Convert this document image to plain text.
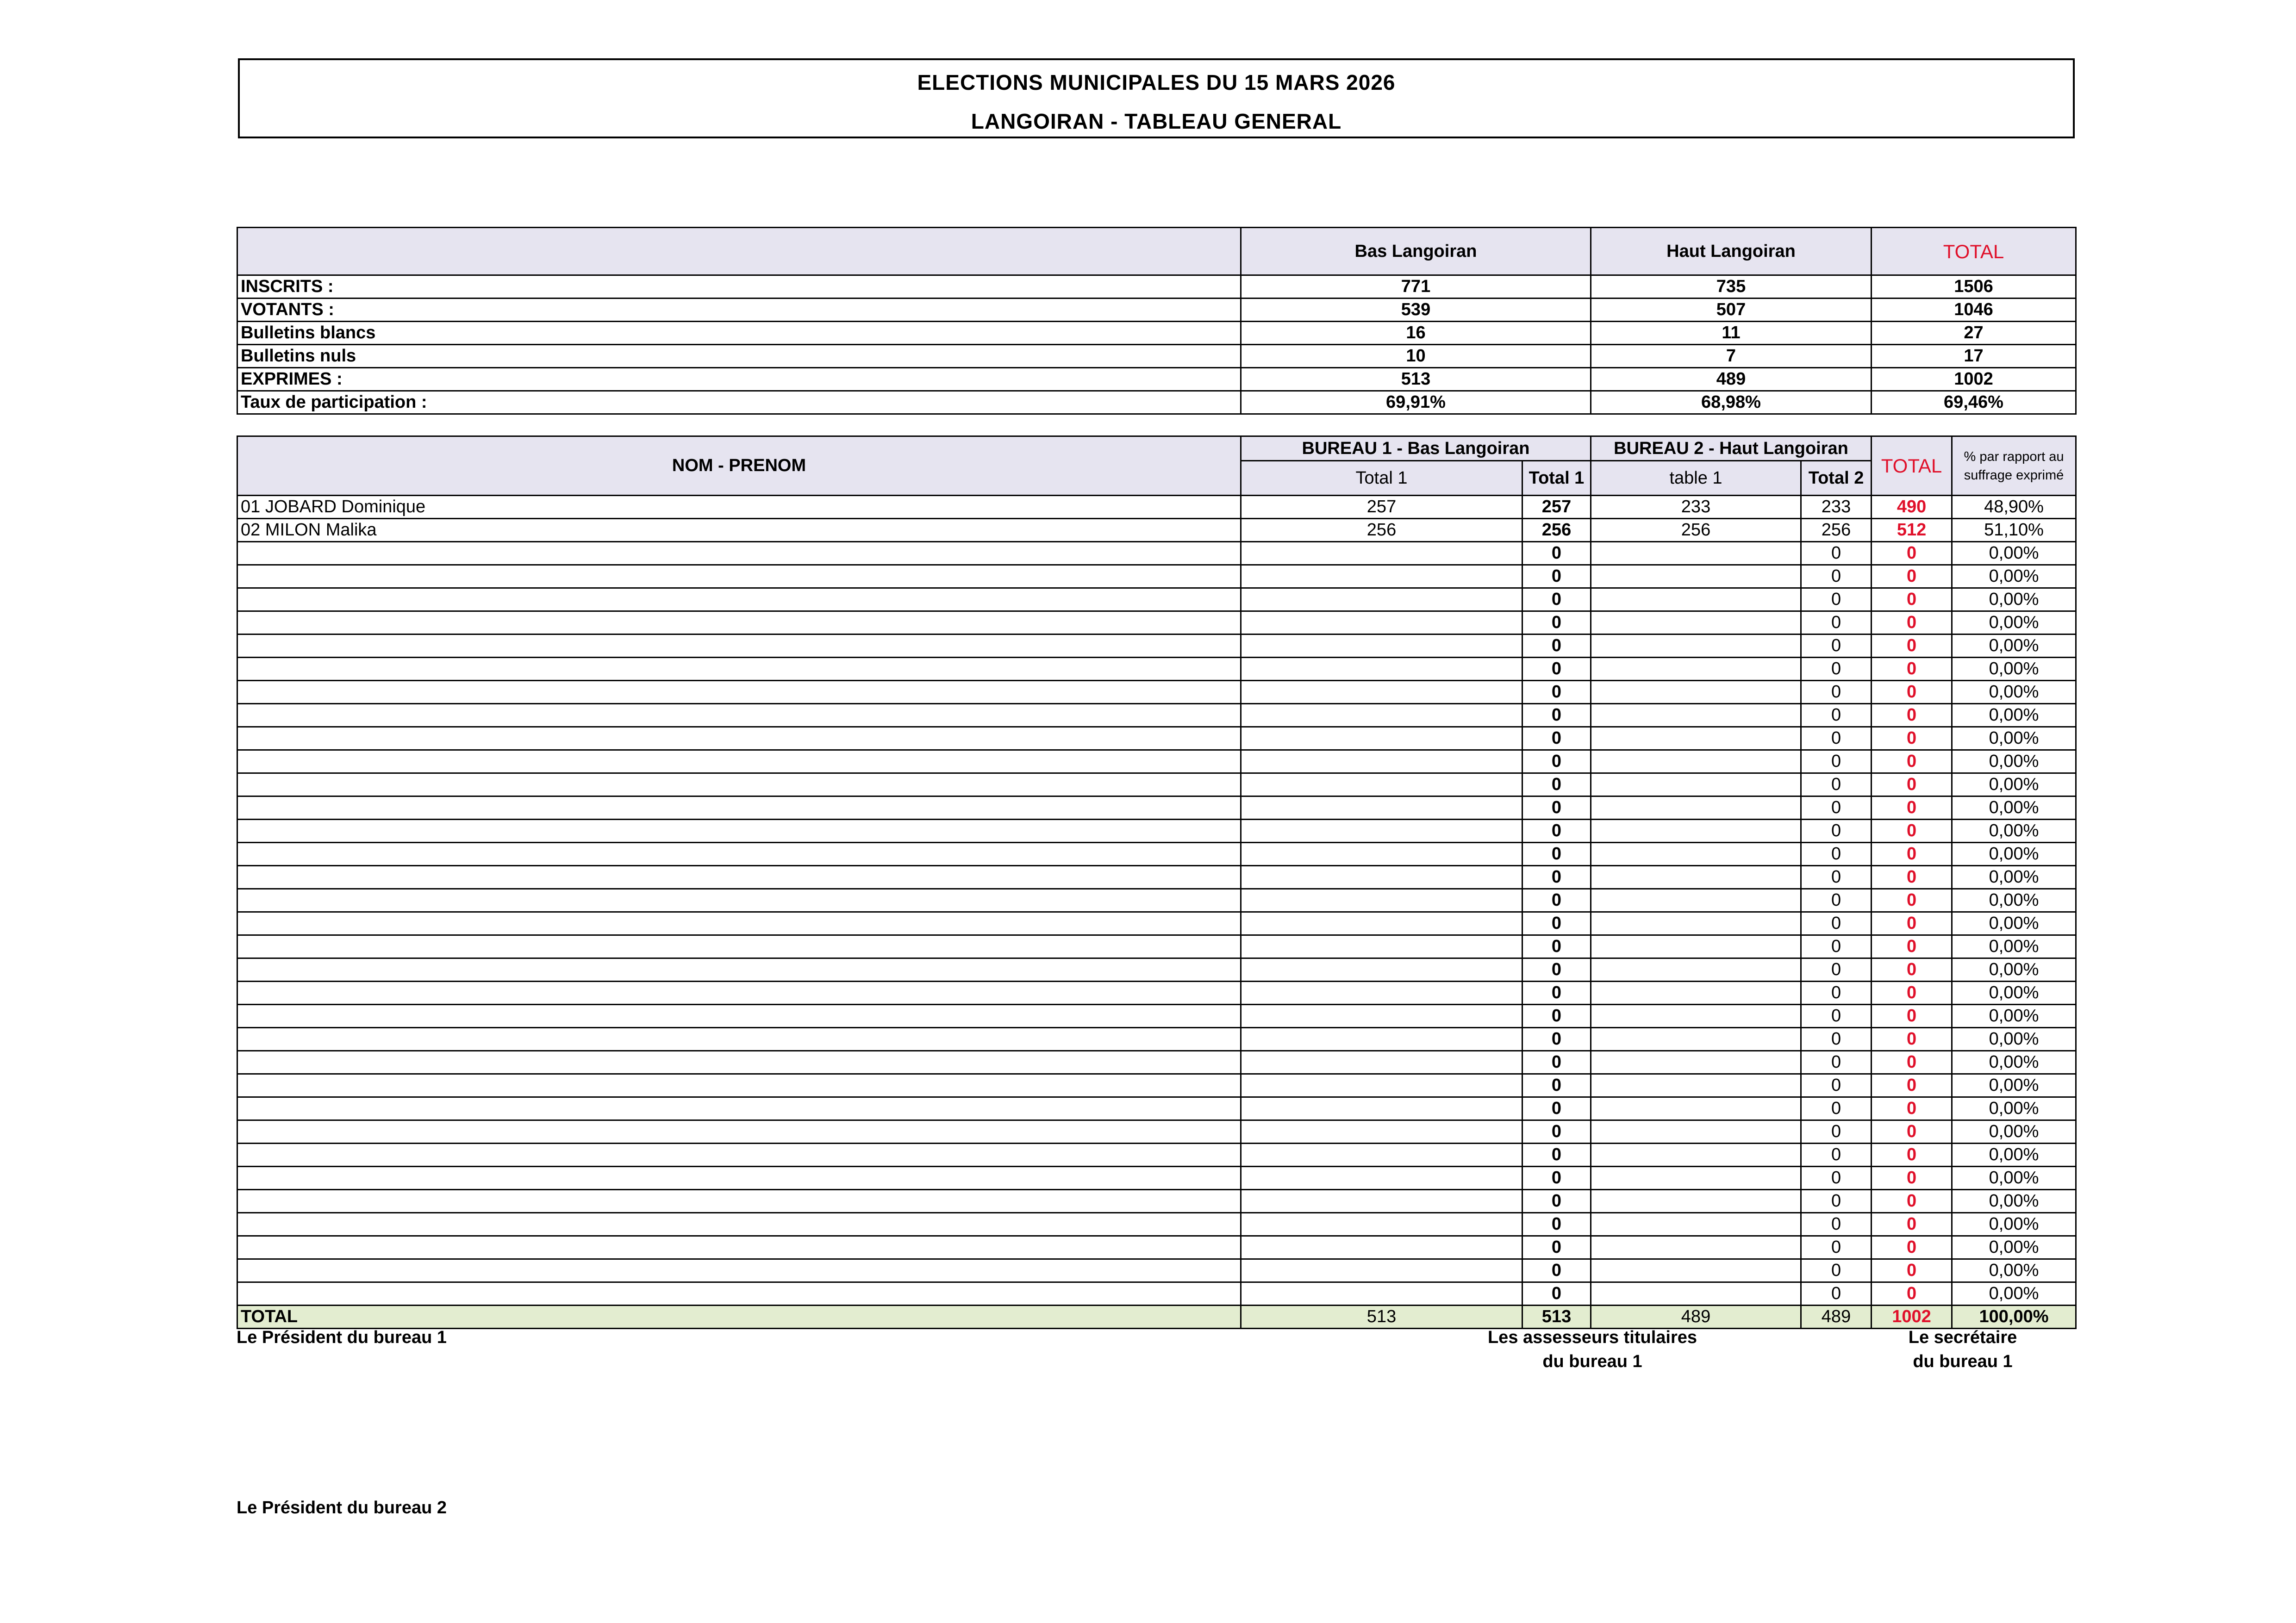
ELECTIONS MUNICIPALES DU 15 MARS 2026
LANGOIRAN - TABLEAU GENERAL
	Bas Langoiran	Haut Langoiran	TOTAL
INSCRITS :	771	735	1506
VOTANTS :	539	507	1046
Bulletins blancs	16	11	27
Bulletins nuls	10	7	17
EXPRIMES :	513	489	1002
Taux de participation :	69,91%	68,98%	69,46%
NOM - PRENOM	BUREAU 1 - Bas Langoiran		BUREAU 2 - Haut Langoiran		TOTAL	% par rapport au suffrage exprimé
	Total 1	Total 1	table 1	Total 2		
01 JOBARD Dominique	257	257	233	233	490	48,90%
02 MILON Malika	256	256	256	256	512	51,10%
		0		0	0	0,00%
		0		0	0	0,00%
		0		0	0	0,00%
		0		0	0	0,00%
		0		0	0	0,00%
		0		0	0	0,00%
		0		0	0	0,00%
		0		0	0	0,00%
		0		0	0	0,00%
		0		0	0	0,00%
		0		0	0	0,00%
		0		0	0	0,00%
		0		0	0	0,00%
		0		0	0	0,00%
		0		0	0	0,00%
		0		0	0	0,00%
		0		0	0	0,00%
		0		0	0	0,00%
		0		0	0	0,00%
		0		0	0	0,00%
		0		0	0	0,00%
		0		0	0	0,00%
		0		0	0	0,00%
		0		0	0	0,00%
		0		0	0	0,00%
		0		0	0	0,00%
		0		0	0	0,00%
		0		0	0	0,00%
		0		0	0	0,00%
		0		0	0	0,00%
		0		0	0	0,00%
		0		0	0	0,00%
		0		0	0	0,00%
TOTAL	513	513	489	489	1002	100,00%
Le Président du bureau 1	Les assesseurs titulaires
du bureau 1
Le secrétaire
du bureau 1
Le Président du bureau 2
